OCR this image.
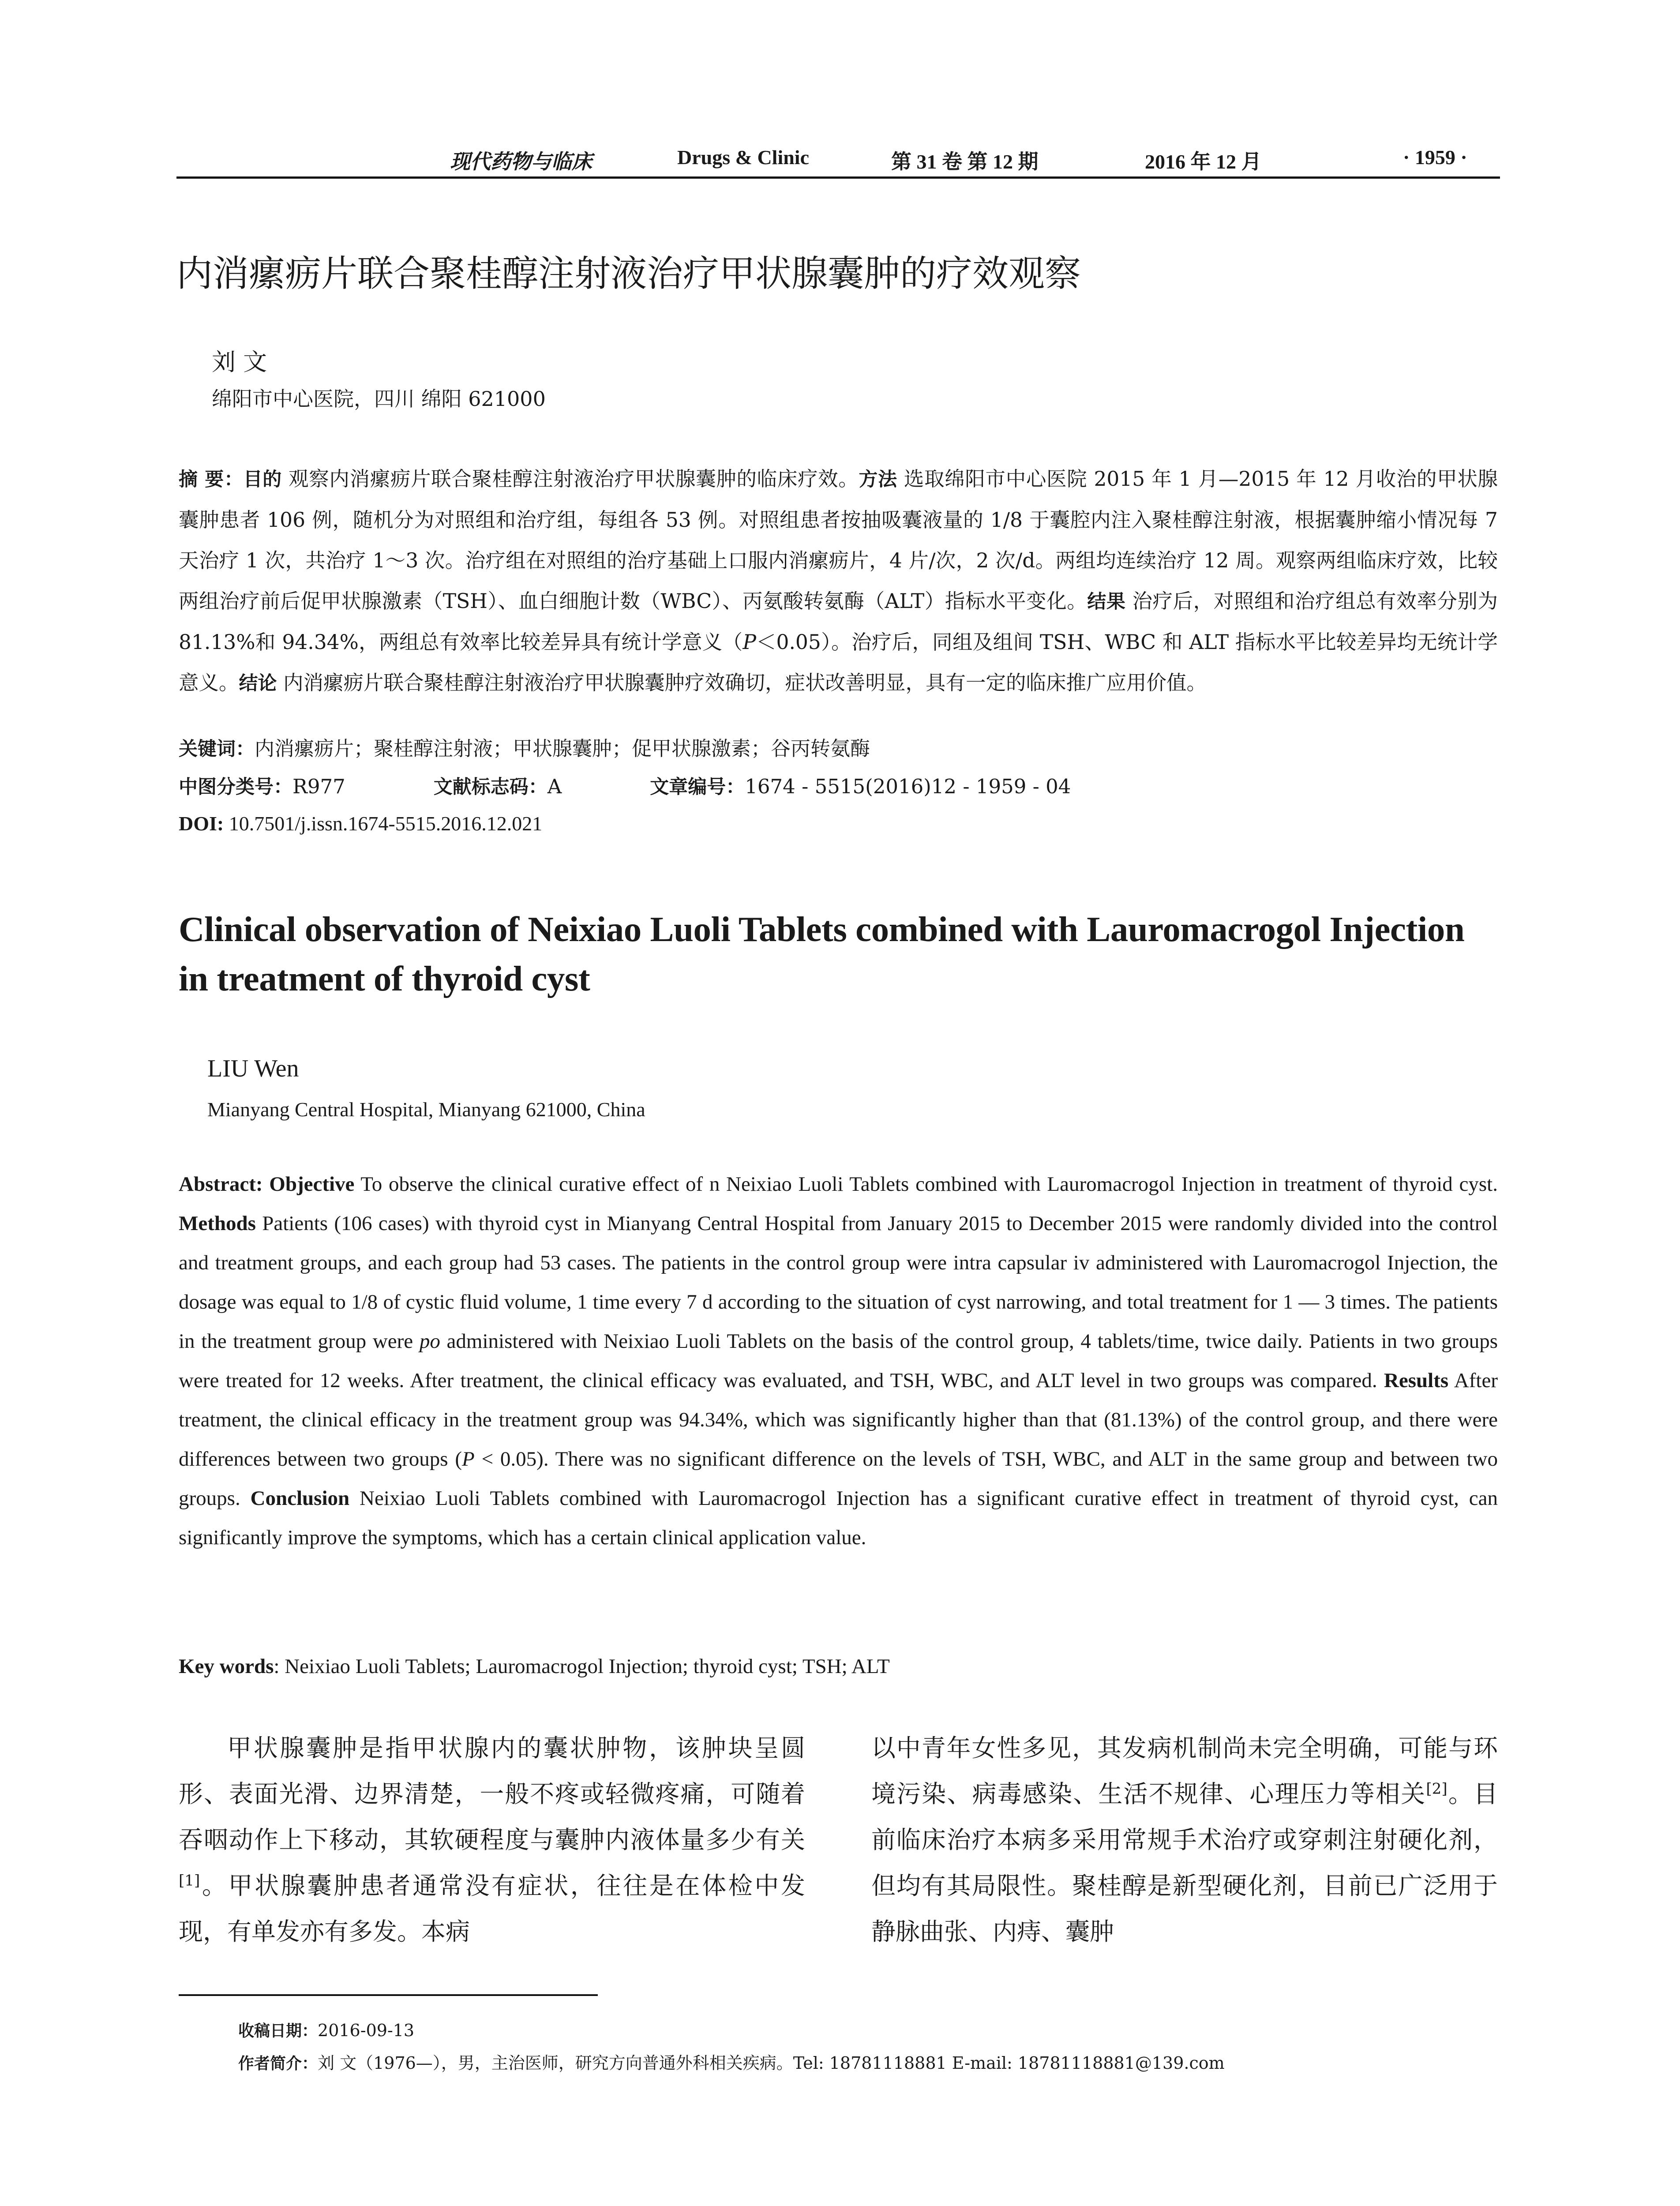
现代药物与临床	Drugs & Clinic	第 31 卷 第 12 期	2016 年 12 月	· 1959 ·
内消瘰疬片联合聚桂醇注射液治疗甲状腺囊肿的疗效观察
刘 文
绵阳市中心医院，四川 绵阳 621000
摘 要：目的 观察内消瘰疬片联合聚桂醇注射液治疗甲状腺囊肿的临床疗效。方法 选取绵阳市中心医院 2015 年 1 月—2015 年 12 月收治的甲状腺囊肿患者 106 例，随机分为对照组和治疗组，每组各 53 例。对照组患者按抽吸囊液量的 1/8 于囊腔内注入聚桂醇注射液，根据囊肿缩小情况每 7 天治疗 1 次，共治疗 1～3 次。治疗组在对照组的治疗基础上口服内消瘰疬片，4 片/次，2 次/d。两组均连续治疗 12 周。观察两组临床疗效，比较两组治疗前后促甲状腺激素（TSH）、血白细胞计数（WBC）、丙氨酸转氨酶（ALT）指标水平变化。结果 治疗后，对照组和治疗组总有效率分别为 81.13%和 94.34%，两组总有效率比较差异具有统计学意义（P＜0.05）。治疗后，同组及组间 TSH、WBC 和 ALT 指标水平比较差异均无统计学意义。结论 内消瘰疬片联合聚桂醇注射液治疗甲状腺囊肿疗效确切，症状改善明显，具有一定的临床推广应用价值。
关键词：内消瘰疬片；聚桂醇注射液；甲状腺囊肿；促甲状腺激素；谷丙转氨酶
中图分类号：R977	文献标志码：A	文章编号：1674 - 5515(2016)12 - 1959 - 04
DOI: 10.7501/j.issn.1674-5515.2016.12.021
Clinical observation of Neixiao Luoli Tablets combined with Lauromacrogol Injection in treatment of thyroid cyst
LIU Wen
Mianyang Central Hospital, Mianyang 621000, China
Abstract: Objective To observe the clinical curative effect of n Neixiao Luoli Tablets combined with Lauromacrogol Injection in treatment of thyroid cyst. Methods Patients (106 cases) with thyroid cyst in Mianyang Central Hospital from January 2015 to December 2015 were randomly divided into the control and treatment groups, and each group had 53 cases. The patients in the control group were intra capsular iv administered with Lauromacrogol Injection, the dosage was equal to 1/8 of cystic fluid volume, 1 time every 7 d according to the situation of cyst narrowing, and total treatment for 1 — 3 times. The patients in the treatment group were po administered with Neixiao Luoli Tablets on the basis of the control group, 4 tablets/time, twice daily. Patients in two groups were treated for 12 weeks. After treatment, the clinical efficacy was evaluated, and TSH, WBC, and ALT level in two groups was compared. Results After treatment, the clinical efficacy in the treatment group was 94.34%, which was significantly higher than that (81.13%) of the control group, and there were differences between two groups (P < 0.05). There was no significant difference on the levels of TSH, WBC, and ALT in the same group and between two groups. Conclusion Neixiao Luoli Tablets combined with Lauromacrogol Injection has a significant curative effect in treatment of thyroid cyst, can significantly improve the symptoms, which has a certain clinical application value.
Key words: Neixiao Luoli Tablets; Lauromacrogol Injection; thyroid cyst; TSH; ALT
甲状腺囊肿是指甲状腺内的囊状肿物，该肿块呈圆形、表面光滑、边界清楚，一般不疼或轻微疼痛，可随着吞咽动作上下移动，其软硬程度与囊肿内液体量多少有关[1]。甲状腺囊肿患者通常没有症状，往往是在体检中发现，有单发亦有多发。本病
以中青年女性多见，其发病机制尚未完全明确，可能与环境污染、病毒感染、生活不规律、心理压力等相关[2]。目前临床治疗本病多采用常规手术治疗或穿刺注射硬化剂，但均有其局限性。聚桂醇是新型硬化剂，目前已广泛用于静脉曲张、内痔、囊肿
收稿日期：2016-09-13
作者简介：刘 文（1976—），男，主治医师，研究方向普通外科相关疾病。Tel: 18781118881 E-mail: 18781118881@139.com
